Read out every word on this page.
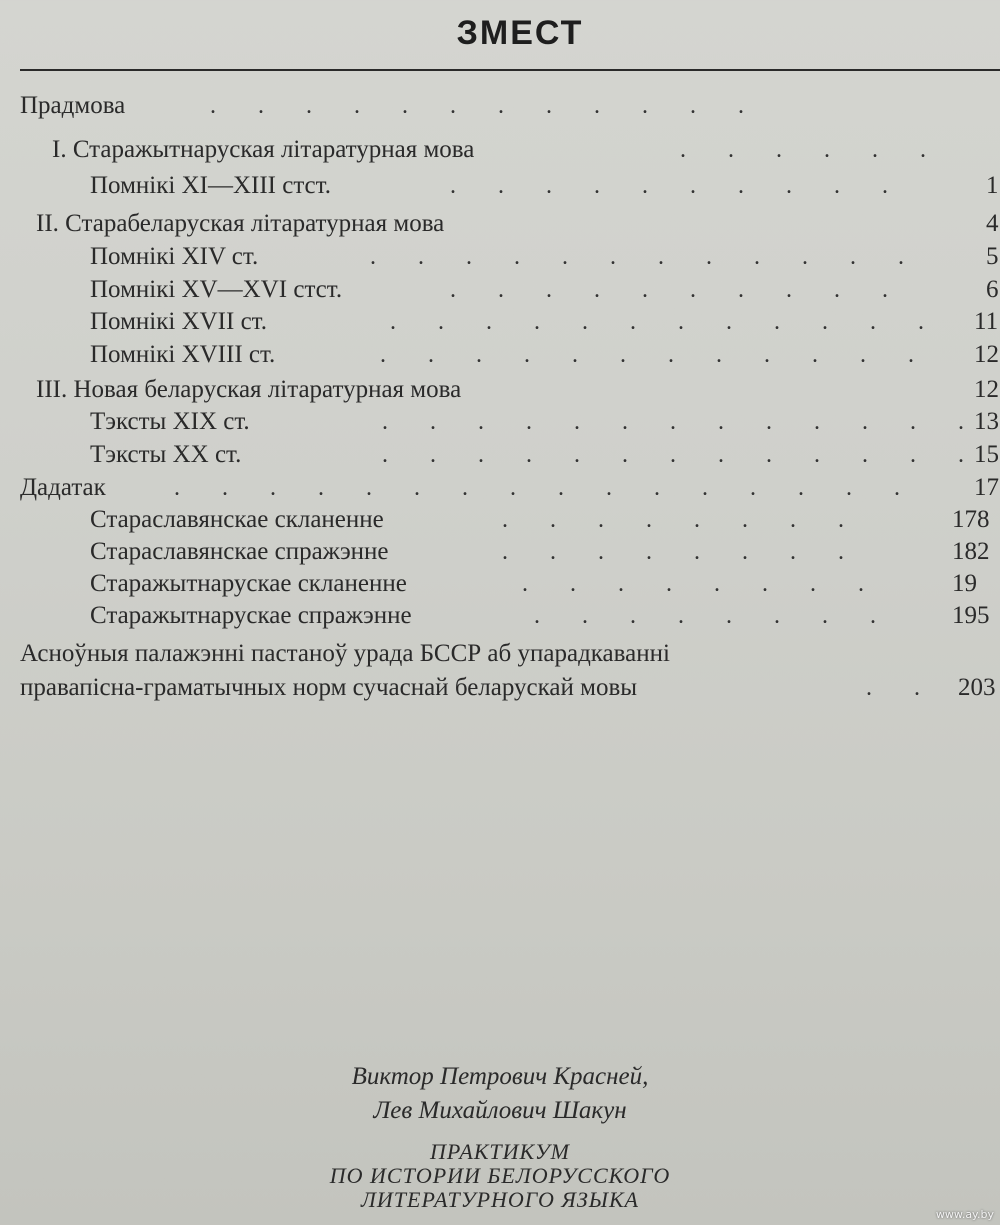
ЗМЕСТ
Прадмова	.       .       .       .       .       .       .       .       .       .       .       .
I. Старажытнаруская літаратурная мова	.       .       .       .       .       .
Помнікі XI—XIII стст.	.       .       .       .       .       .       .       .       .       .	1
II. Старабеларуская літаратурная мова	4
Помнікі XIV ст.	.       .       .       .       .       .       .       .       .       .       .       .	5
Помнікі XV—XVI стст.	.       .       .       .       .       .       .       .       .       .	6
Помнікі XVII ст.	.       .       .       .       .       .       .       .       .       .       .       . 11
Помнікі XVIII ст.	.       .       .       .       .       .       .       .       .       .       .       . 12
III. Новая беларуская літаратурная мова	12
Тэксты XIX ст. .       .       .       .       .       .       .       .       .       .       .       .       . 13
Тэксты XX ст. .       .       .       .       .       .       .       .       .       .       .       .       . 15
Дадатак .       .       .       .       .       .       .       .       .       .       .       .       .       .       .       .	17
Старaславянскае скланенне	.       .       .       .       .       .       .       .	178
Старaславянскае спражэнне	.       .       .       .       .       .       .       .	182
Старажытнарускае скланенне	.       .       .       .       .       .       .       .	19
Старажытнарускае спражэнне	.       .       .       .       .       .       .       .	195
Асноўныя палажэнні пастаноў урада БССР аб упарадкаванні
правапісна-граматычных норм сучаснай беларускай мовы	.       . 203
Виктор Петрович Красней,
Лев Михайлович Шакун
ПРАКТИКУМ
ПО ИСТОРИИ БЕЛОРУССКОГО
ЛИТЕРАТУРНОГО ЯЗЫКА
www.ay.by
